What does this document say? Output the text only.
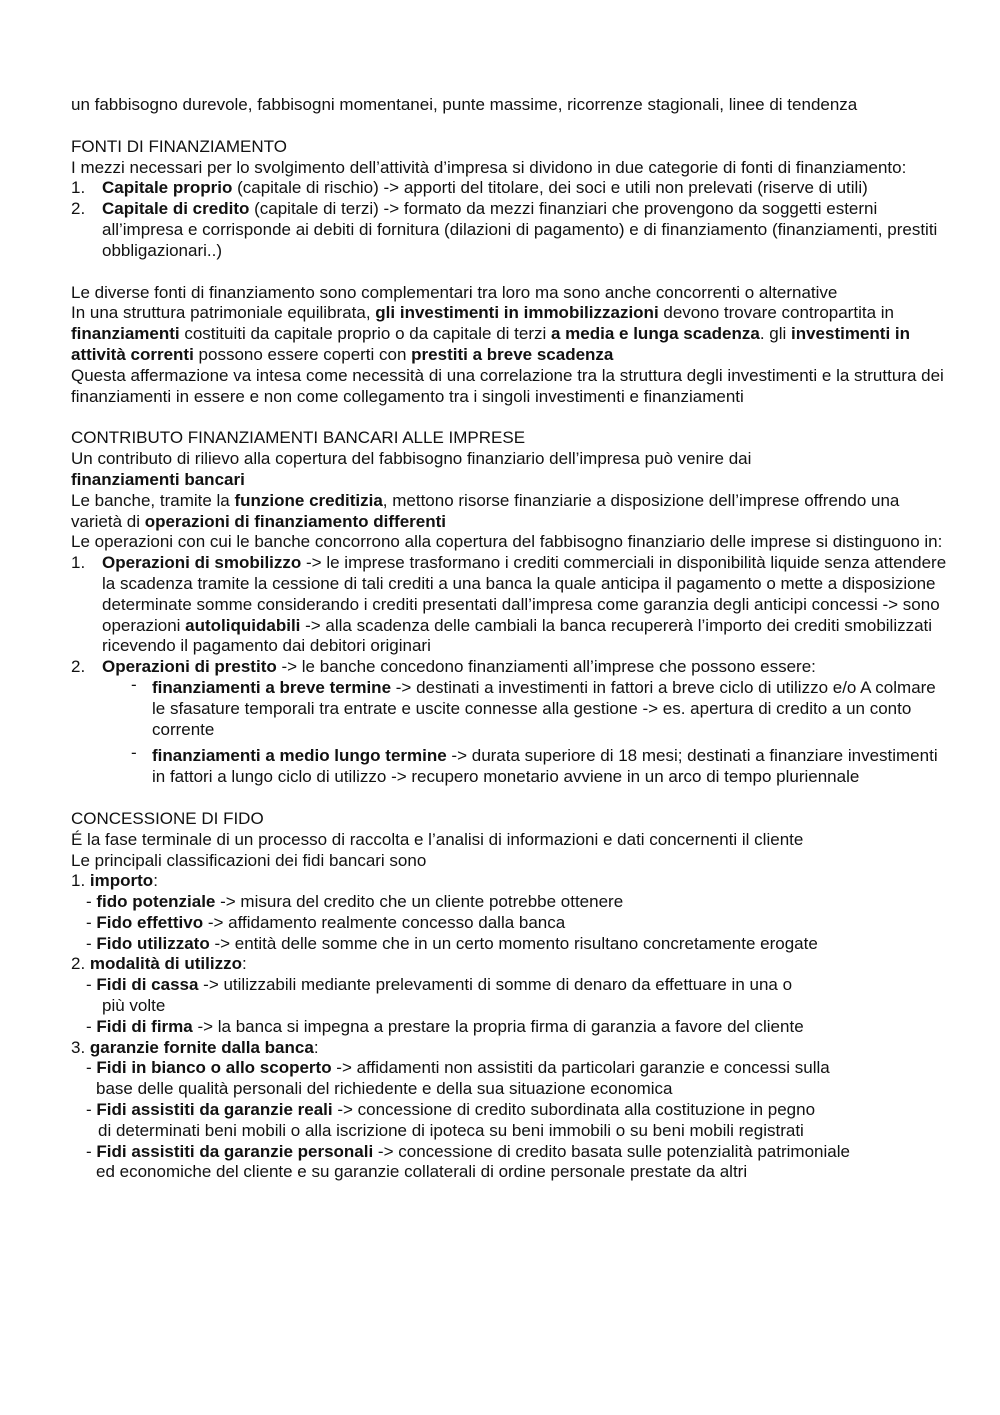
un fabbisogno durevole, fabbisogni momentanei, punte massime, ricorrenze stagionali, linee di tendenza
FONTI DI FINANZIAMENTO
I mezzi necessari per lo svolgimento dell’attività d’impresa si dividono in due categorie di fonti di finanziamento:
1. Capitale proprio (capitale di rischio) -> apporti del titolare, dei soci e utili non prelevati (riserve di utili)
2. Capitale di credito (capitale di terzi) -> formato da mezzi finanziari che provengono da soggetti esterni all’impresa e corrisponde ai debiti di fornitura (dilazioni di pagamento) e di finanziamento (finanziamenti, prestiti obbligazionari..)
Le diverse fonti di finanziamento sono complementari tra loro ma sono anche concorrenti o alternative
In una struttura patrimoniale equilibrata, gli investimenti in immobilizzazioni devono trovare contropartita in finanziamenti costituiti da capitale proprio o da capitale di terzi a media e lunga scadenza. gli investimenti in attività correnti possono essere coperti con prestiti a breve scadenza
Questa affermazione va intesa come necessità di una correlazione tra la struttura degli investimenti e la struttura dei finanziamenti in essere e non come collegamento tra i singoli investimenti e finanziamenti
CONTRIBUTO FINANZIAMENTI BANCARI ALLE IMPRESE
Un contributo di rilievo alla copertura del fabbisogno finanziario dell’impresa può venire dai
finanziamenti bancari
Le banche, tramite la funzione creditizia, mettono risorse finanziarie a disposizione dell’imprese offrendo una varietà di operazioni di finanziamento differenti
Le operazioni con cui le banche concorrono alla copertura del fabbisogno finanziario delle imprese si distinguono in:
1. Operazioni di smobilizzo -> le imprese trasformano i crediti commerciali in disponibilità liquide senza attendere la scadenza tramite la cessione di tali crediti a una banca la quale anticipa il pagamento o mette a disposizione determinate somme considerando i crediti presentati dall’impresa come garanzia degli anticipi concessi -> sono operazioni autoliquidabili -> alla scadenza delle cambiali la banca recupererà l’importo dei crediti smobilizzati ricevendo il pagamento dai debitori originari
2. Operazioni di prestito -> le banche concedono finanziamenti all’imprese che possono essere:
- finanziamenti a breve termine -> destinati a investimenti in fattori a breve ciclo di utilizzo e/o A colmare le sfasature temporali tra entrate e uscite connesse alla gestione -> es. apertura di credito a un conto corrente
- finanziamenti a medio lungo termine -> durata superiore di 18 mesi; destinati a finanziare investimenti in fattori a lungo ciclo di utilizzo -> recupero monetario avviene in un arco di tempo pluriennale
CONCESSIONE DI FIDO
É la fase terminale di un processo di raccolta e l’analisi di informazioni e dati concernenti il cliente
Le principali classificazioni dei fidi bancari sono
1. importo:
- fido potenziale -> misura del credito che un cliente potrebbe ottenere
- Fido effettivo -> affidamento realmente concesso dalla banca
- Fido utilizzato -> entità delle somme che in un certo momento risultano concretamente erogate
2. modalità di utilizzo:
- Fidi di cassa -> utilizzabili mediante prelevamenti di somme di denaro da effettuare in una o
più volte
- Fidi di firma -> la banca si impegna a prestare la propria firma di garanzia a favore del cliente
3. garanzie fornite dalla banca:
- Fidi in bianco o allo scoperto -> affidamenti non assistiti da particolari garanzie e concessi sulla
base delle qualità personali del richiedente e della sua situazione economica
- Fidi assistiti da garanzie reali -> concessione di credito subordinata alla costituzione in pegno
di determinati beni mobili o alla iscrizione di ipoteca su beni immobili o su beni mobili registrati
- Fidi assistiti da garanzie personali -> concessione di credito basata sulle potenzialità patrimoniale
ed economiche del cliente e su garanzie collaterali di ordine personale prestate da altri
